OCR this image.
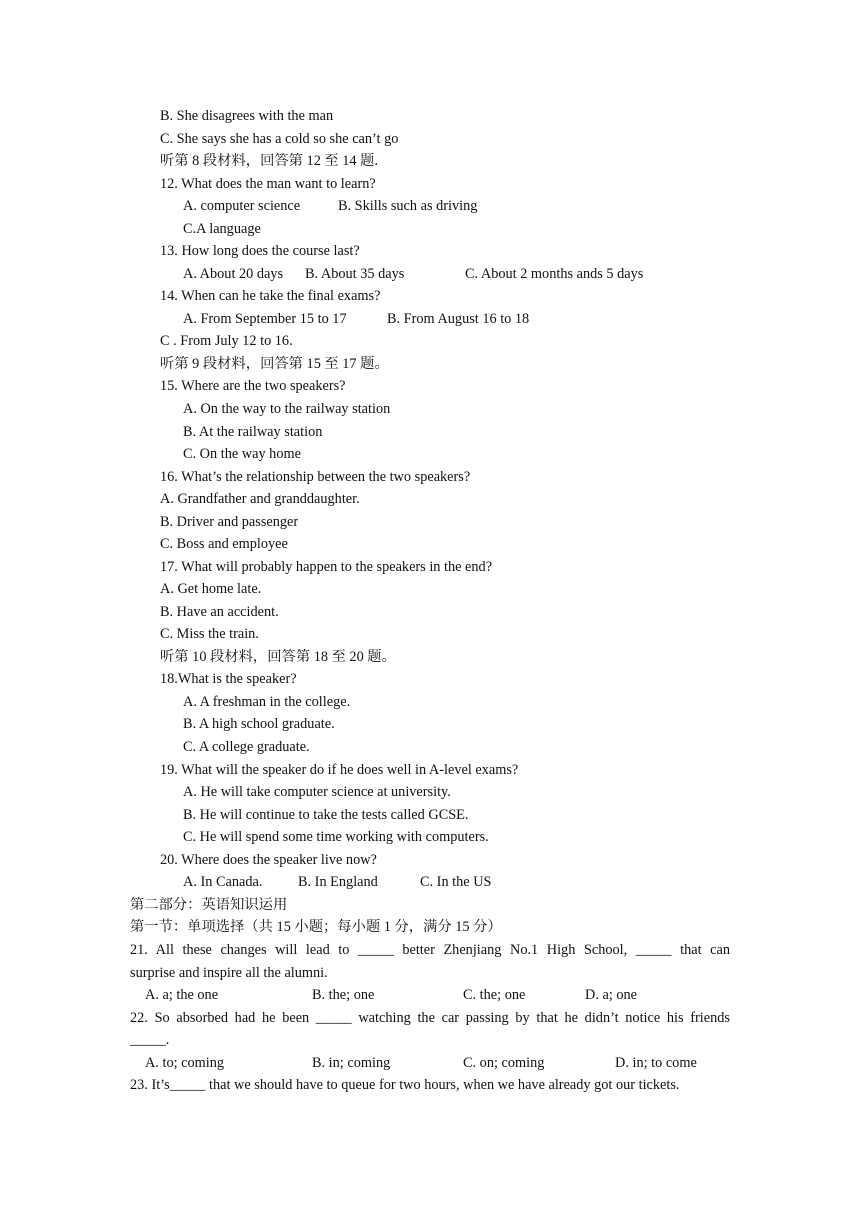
B. She disagrees with the man
C. She says she has a cold so she can’t go
听第 8 段材料，回答第 12 至 14 题.
12. What does the man want to learn?
A. computer science	B. Skills such as driving
C.A language
13. How long does the course last?
A. About 20 days B. About 35 days	C. About 2 months ands 5 days
14. When can he take the final exams?
A. From September 15 to 17	B. From August 16 to 18
C . From July 12 to 16.
听第 9 段材料，回答第 15 至 17 题。
15. Where are the two speakers?
A. On the way to the railway station
B. At the railway station
C. On the way home
16. What’s the relationship between the two speakers?
A. Grandfather and granddaughter.
B. Driver and passenger
C. Boss and employee
17. What will probably happen to the speakers in the end?
A. Get home late.
B. Have an accident.
C. Miss the train.
听第 10 段材料，回答第 18 至 20 题。
18.What is the speaker?
A. A freshman in the college.
B. A high school graduate.
C. A college graduate.
19. What will the speaker do if he does well in A-level exams?
A. He will take computer science at university.
B. He will continue to take the tests called GCSE.
C. He will spend some time working with computers.
20. Where does the speaker live now?
A. In Canada. B. In England	C. In the US
第二部分：英语知识运用
第一节：单项选择（共 15 小题；每小题 1 分，满分 15 分）
21. All these changes will lead to _____ better Zhenjiang No.1 High School, _____ that can
surprise and inspire all the alumni.
A. a; the one	B. the; one	C. the; one	D. a; one
22. So absorbed had he been _____ watching the car passing by that he didn’t notice his friends
_____.
A. to; coming	B. in; coming	C. on; coming	D. in; to come
23. It’s_____ that we should have to queue for two hours, when we have already got our tickets.
